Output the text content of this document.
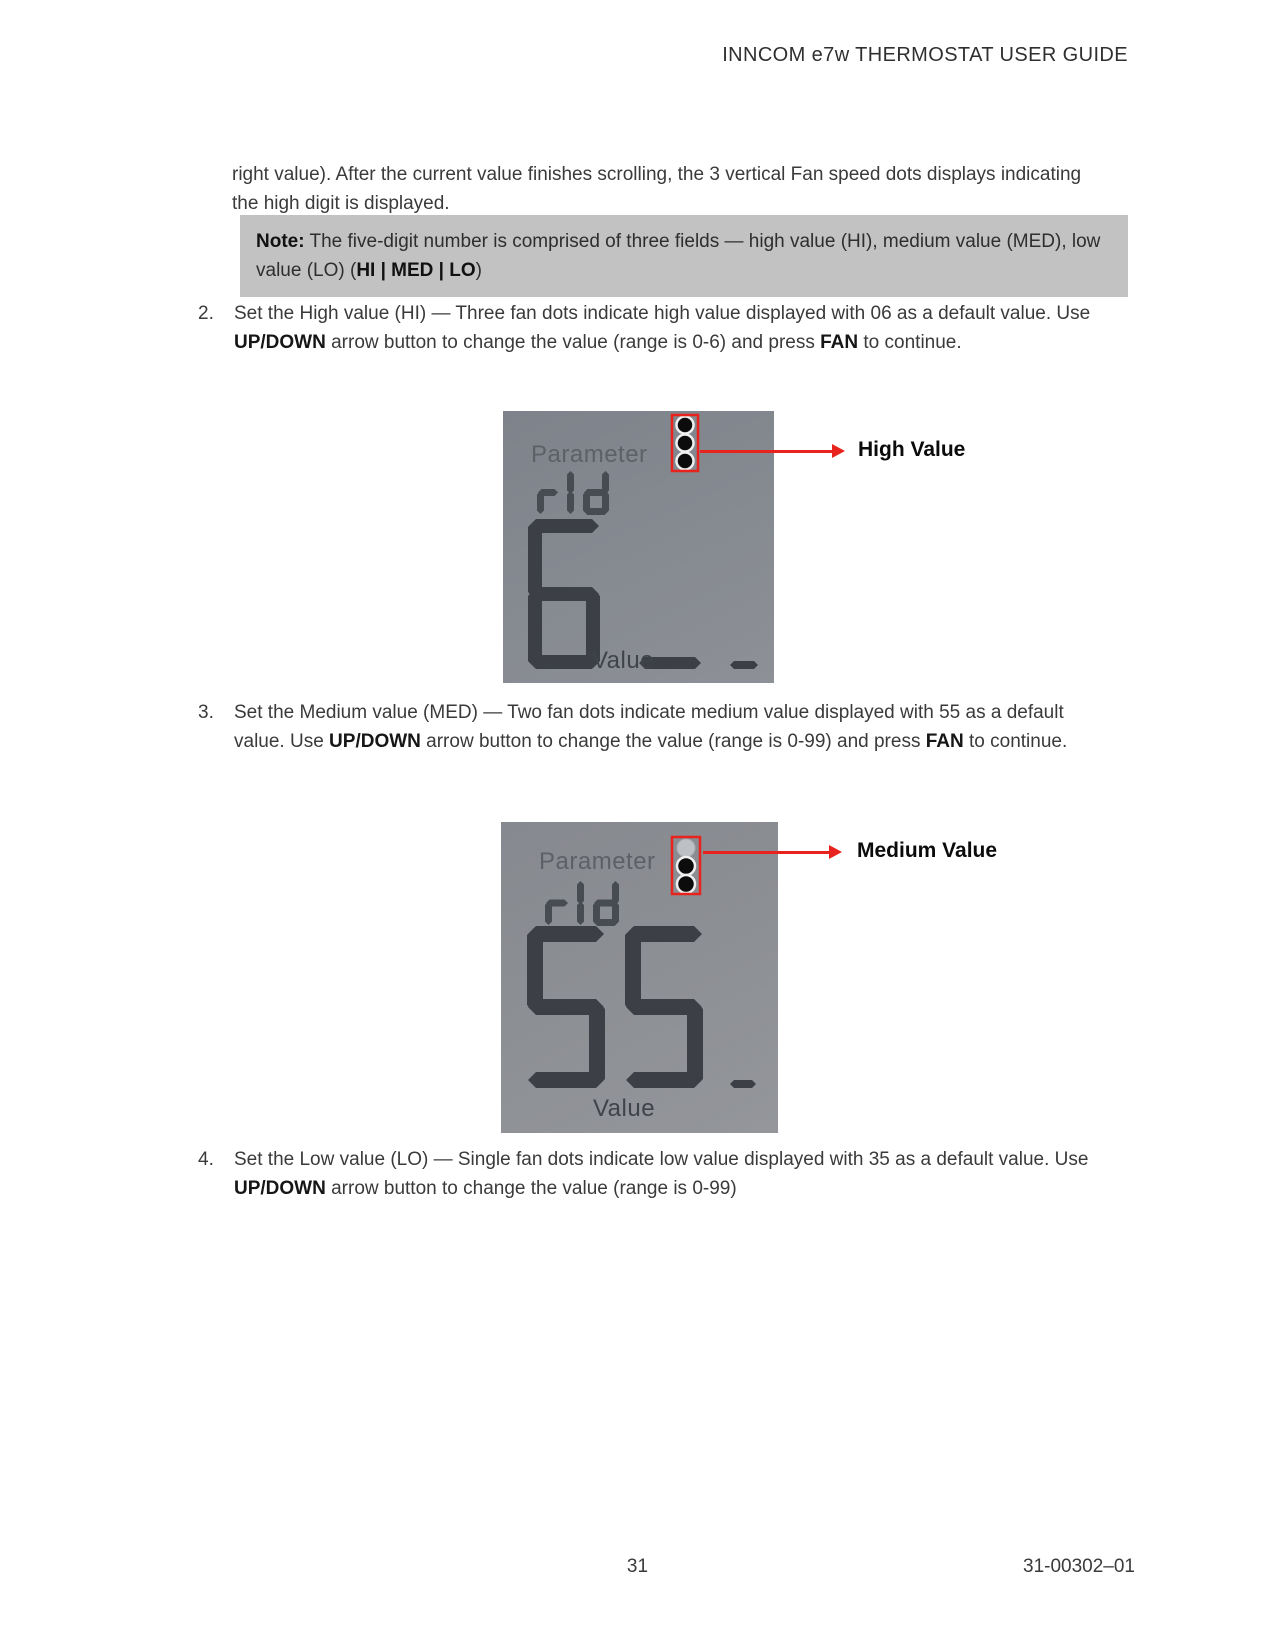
INNCOM e7w THERMOSTAT USER GUIDE

right value). After the current value finishes scrolling, the 3 vertical Fan speed dots displays indicating the high digit is displayed.

Note: The five-digit number is comprised of three fields — high value (HI), medium value (MED), low value (LO) (HI | MED | LO)
2.	Set the High value (HI) — Three fan dots indicate high value displayed with 06 as a default value. Use UP/DOWN arrow button to change the value (range is 0-6) and press FAN to continue.
Parameter
Value
High Value
3.	Set the Medium value (MED) — Two fan dots indicate medium value displayed with 55 as a default value. Use UP/DOWN arrow button to change the value (range is 0-99) and press FAN to continue.
Parameter
Value
Medium Value
4.	Set the Low value (LO) — Single fan dots indicate low value displayed with 35 as a default value. Use UP/DOWN arrow button to change the value (range is 0-99)
31	31-00302–01
